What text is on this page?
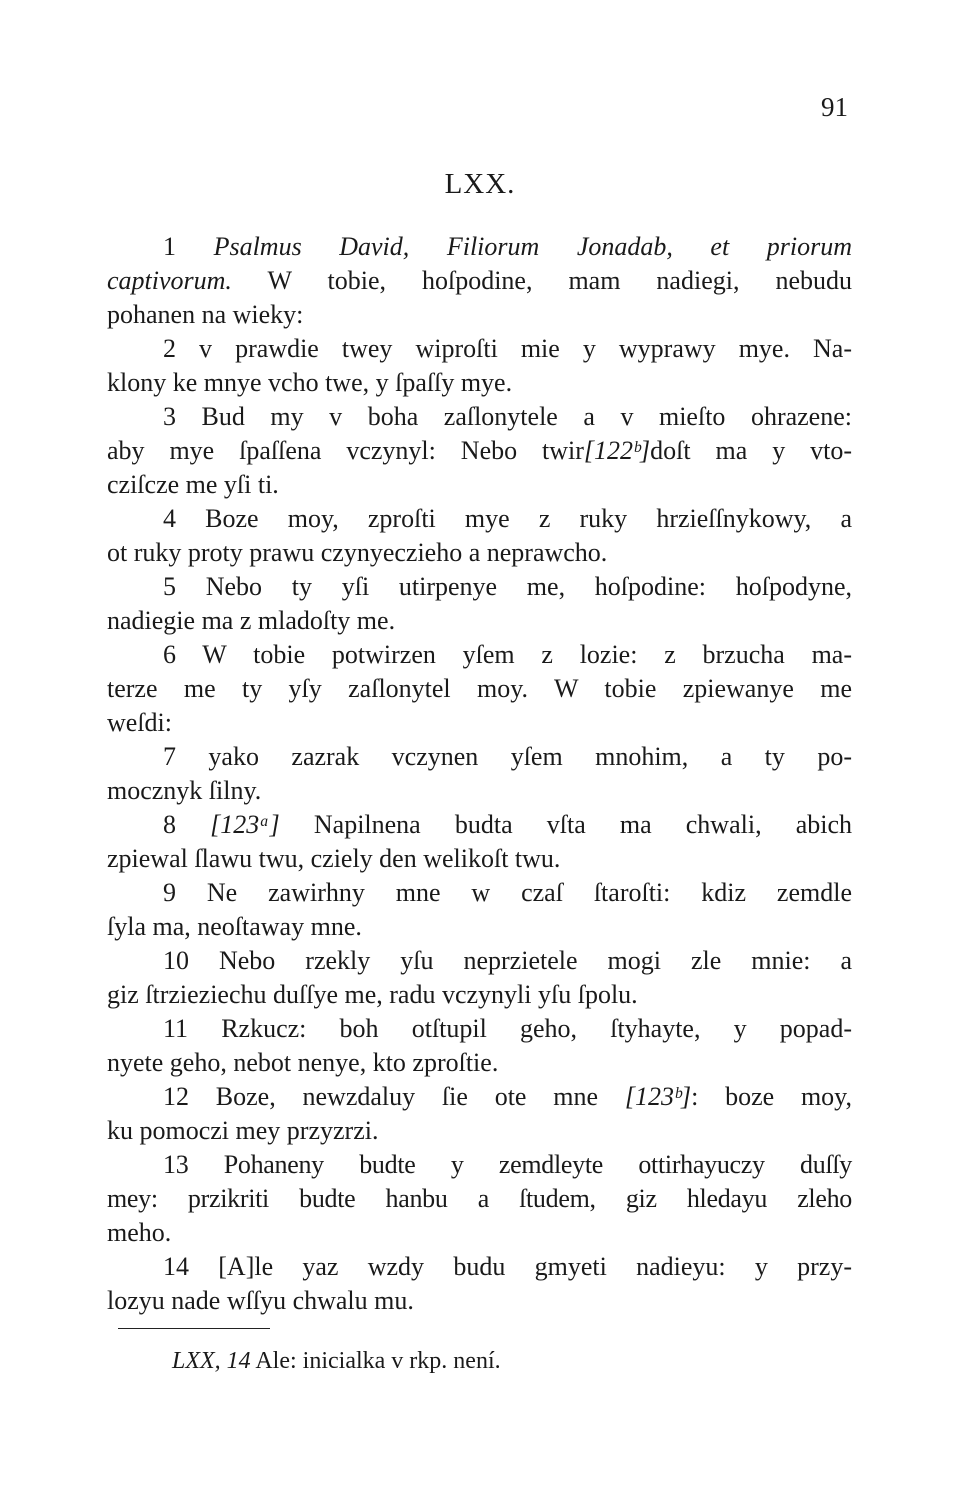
91
LXX.
1 Psalmus David, Filiorum Jonadab, et priorum
captivorum. W tobie, hoſpodine, mam nadiegi, nebudu
pohanen na wieky:
2 v prawdie twey wiproſti mie y wyprawy mye. Na-
klony ke mnye vcho twe, y ſpaſſy mye.
3 Bud my v boha zaſlonytele a v mieſto ohrazene:
aby mye ſpaſſena vczynyl: Nebo twir[122ᵇ]doſt ma y vto-
cziſcze me yſi ti.
4 Boze moy, zproſti mye z ruky hrzieſſnykowy, a
ot ruky proty prawu czynyeczieho a neprawcho.
5 Nebo ty yſi utirpenye me, hoſpodine: hoſpodyne,
nadiegie ma z mladoſty me.
6 W tobie potwirzen yſem z lozie: z brzucha ma-
terze me ty yſy zaſlonytel moy. W tobie zpiewanye me
weſdi:
7 yako zazrak vczynen yſem mnohim, a ty po-
mocznyk ſilny.
8 [123ᵃ] Napilnena budta vſta ma chwali, abich
zpiewal ſlawu twu, cziely den welikoſt twu.
9 Ne zawirhny mne w czaſ ſtaroſti: kdiz zemdle
ſyla ma, neoſtaway mne.
10 Nebo rzekly yſu neprzietele mogi zle mnie: a
giz ſtrzieziechu duſſye me, radu vczynyli yſu ſpolu.
11 Rzkucz: boh otſtupil geho, ſtyhayte, y popad-
nyete geho, nebot nenye, kto zproſtie.
12 Boze, newzdaluy ſie ote mne [123ᵇ]: boze moy,
ku pomoczi mey przyzrzi.
13 Pohaneny budte y zemdleyte ottirhayuczy duſſy
mey: przikriti budte hanbu a ſtudem, giz hledayu zleho
meho.
14 [A]le yaz wzdy budu gmyeti nadieyu: y przy-
lozyu nade wſſyu chwalu mu.
LXX, 14 Ale: inicialka v rkp. není.
